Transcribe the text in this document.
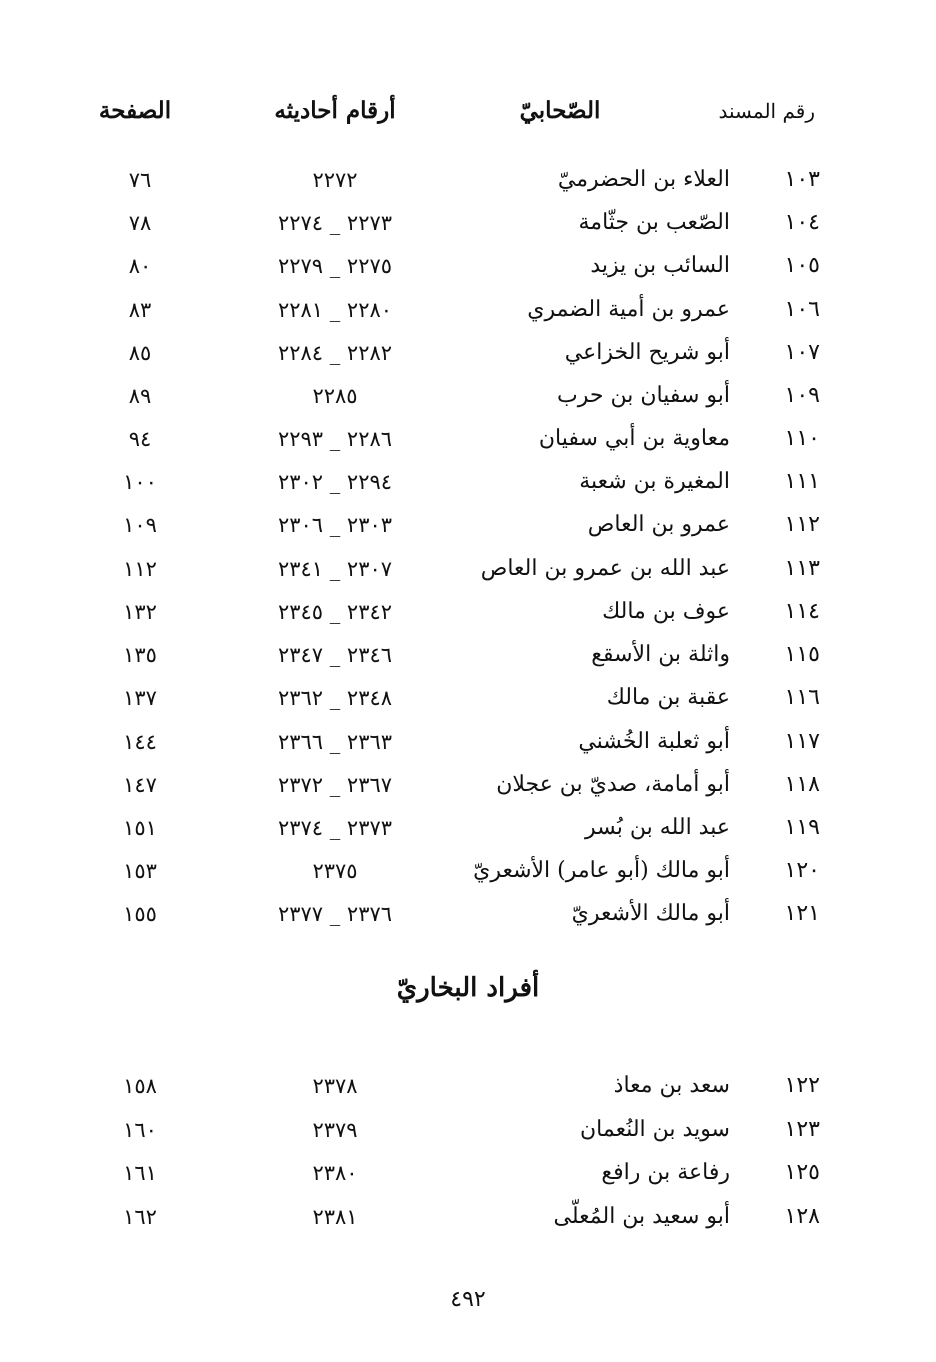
رقم المسند
الصّحابيّ
أرقام أحاديثه
الصفحة
١٠٣
العلاء بن الحضرميّ
٢٢٧٢
٧٦
١٠٤
الصّعب بن جثّامة
٢٢٧٣ _ ٢٢٧٤
٧٨
١٠٥
السائب بن يزيد
٢٢٧٥ _ ٢٢٧٩
٨٠
١٠٦
عمرو بن أمية الضمري
٢٢٨٠ _ ٢٢٨١
٨٣
١٠٧
أبو شريح الخزاعي
٢٢٨٢ _ ٢٢٨٤
٨٥
١٠٩
أبو سفيان بن حرب
٢٢٨٥
٨٩
١١٠
معاوية بن أبي سفيان
٢٢٨٦ _ ٢٢٩٣
٩٤
١١١
المغيرة بن شعبة
٢٢٩٤ _ ٢٣٠٢
١٠٠
١١٢
عمرو بن العاص
٢٣٠٣ _ ٢٣٠٦
١٠٩
١١٣
عبد الله بن عمرو بن العاص
٢٣٠٧ _ ٢٣٤١
١١٢
١١٤
عوف بن مالك
٢٣٤٢ _ ٢٣٤٥
١٣٢
١١٥
واثلة بن الأسقع
٢٣٤٦ _ ٢٣٤٧
١٣٥
١١٦
عقبة بن مالك
٢٣٤٨ _ ٢٣٦٢
١٣٧
١١٧
أبو ثعلبة الخُشني
٢٣٦٣ _ ٢٣٦٦
١٤٤
١١٨
أبو أمامة، صديّ بن عجلان
٢٣٦٧ _ ٢٣٧٢
١٤٧
١١٩
عبد الله بن بُسر
٢٣٧٣ _ ٢٣٧٤
١٥١
١٢٠
أبو مالك (أبو عامر) الأشعريّ
٢٣٧٥
١٥٣
١٢١
أبو مالك الأشعريّ
٢٣٧٦ _ ٢٣٧٧
١٥٥
أفراد البخاريّ
١٢٢
سعد بن معاذ
٢٣٧٨
١٥٨
١٢٣
سويد بن النُعمان
٢٣٧٩
١٦٠
١٢٥
رفاعة بن رافع
٢٣٨٠
١٦١
١٢٨
أبو سعيد بن المُعلّى
٢٣٨١
١٦٢
٤٩٢
